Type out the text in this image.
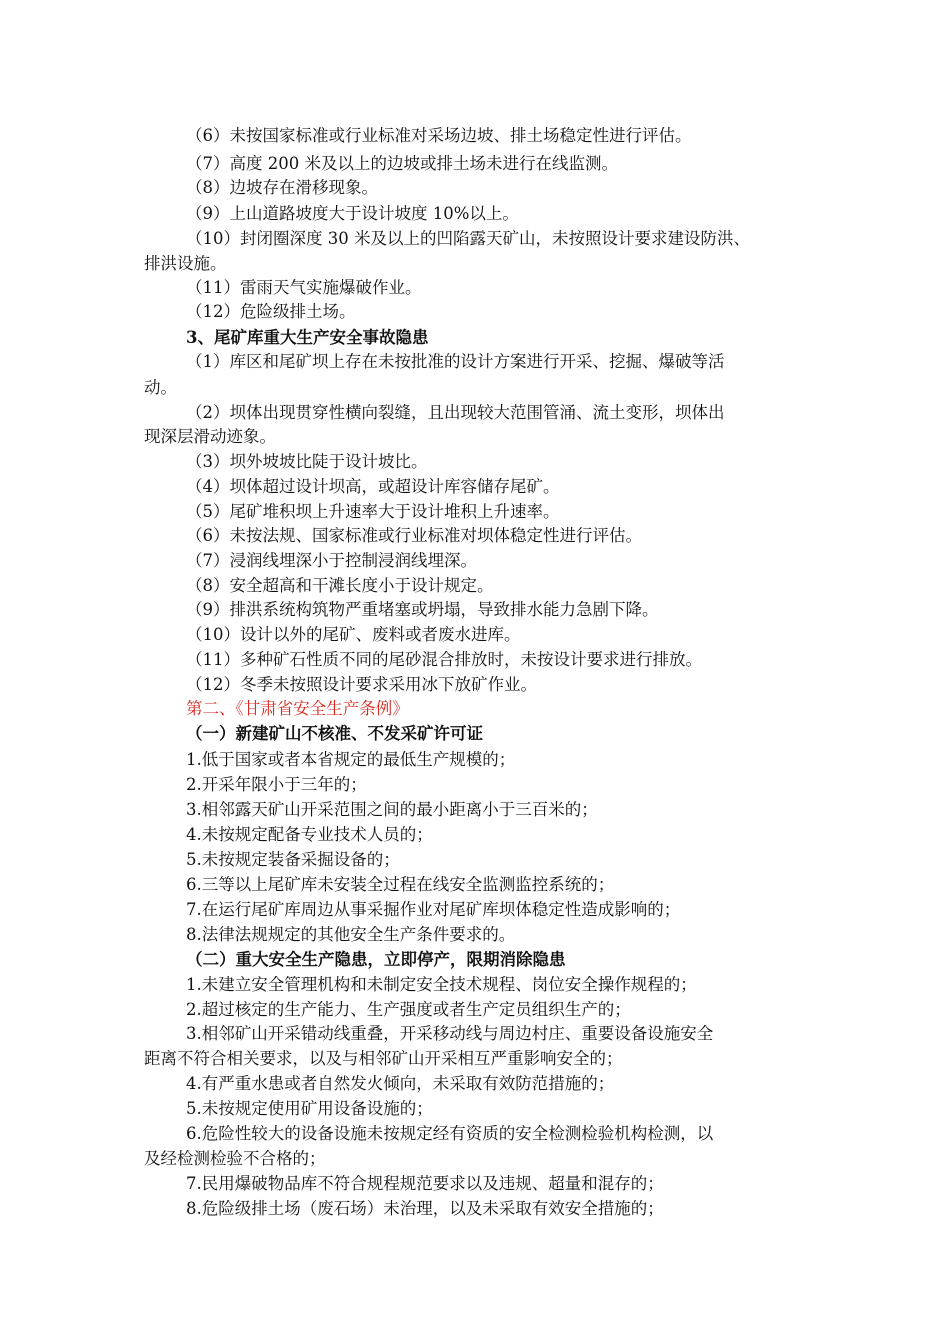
（6）未按国家标准或行业标准对采场边坡、排土场稳定性进行评估。
（7）高度 200 米及以上的边坡或排土场未进行在线监测。
（8）边坡存在滑移现象。
（9）上山道路坡度大于设计坡度 10%以上。
（10）封闭圈深度 30 米及以上的凹陷露天矿山，未按照设计要求建设防洪、
排洪设施。
（11）雷雨天气实施爆破作业。
（12）危险级排土场。
3、尾矿库重大生产安全事故隐患
（1）库区和尾矿坝上存在未按批准的设计方案进行开采、挖掘、爆破等活
动。
（2）坝体出现贯穿性横向裂缝，且出现较大范围管涌、流土变形，坝体出
现深层滑动迹象。
（3）坝外坡坡比陡于设计坡比。
（4）坝体超过设计坝高，或超设计库容储存尾矿。
（5）尾矿堆积坝上升速率大于设计堆积上升速率。
（6）未按法规、国家标准或行业标准对坝体稳定性进行评估。
（7）浸润线埋深小于控制浸润线埋深。
（8）安全超高和干滩长度小于设计规定。
（9）排洪系统构筑物严重堵塞或坍塌，导致排水能力急剧下降。
（10）设计以外的尾矿、废料或者废水进库。
（11）多种矿石性质不同的尾砂混合排放时，未按设计要求进行排放。
（12）冬季未按照设计要求采用冰下放矿作业。
第二、《甘肃省安全生产条例》
（一）新建矿山不核准、不发采矿许可证
1.低于国家或者本省规定的最低生产规模的；
2.开采年限小于三年的；
3.相邻露天矿山开采范围之间的最小距离小于三百米的；
4.未按规定配备专业技术人员的；
5.未按规定装备采掘设备的；
6.三等以上尾矿库未安装全过程在线安全监测监控系统的；
7.在运行尾矿库周边从事采掘作业对尾矿库坝体稳定性造成影响的；
8.法律法规规定的其他安全生产条件要求的。
（二）重大安全生产隐患，立即停产，限期消除隐患
1.未建立安全管理机构和未制定安全技术规程、岗位安全操作规程的；
2.超过核定的生产能力、生产强度或者生产定员组织生产的；
3.相邻矿山开采错动线重叠，开采移动线与周边村庄、重要设备设施安全
距离不符合相关要求，以及与相邻矿山开采相互严重影响安全的；
4.有严重水患或者自然发火倾向，未采取有效防范措施的；
5.未按规定使用矿用设备设施的；
6.危险性较大的设备设施未按规定经有资质的安全检测检验机构检测，以
及经检测检验不合格的；
7.民用爆破物品库不符合规程规范要求以及违规、超量和混存的；
8.危险级排土场（废石场）未治理，以及未采取有效安全措施的；
